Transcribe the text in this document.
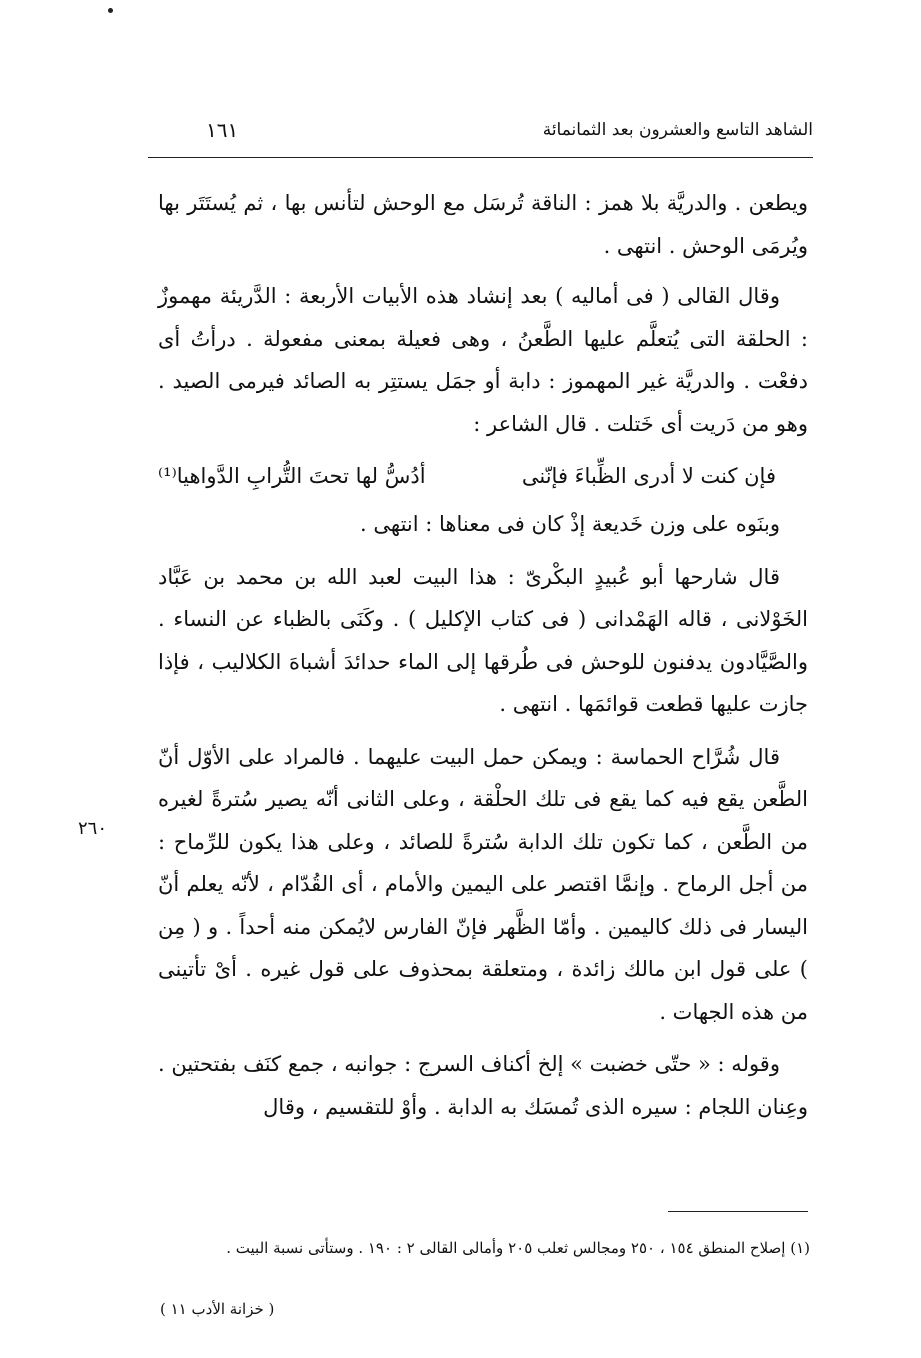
الشاهد التاسع والعشرون بعد الثمانمائة
١٦١

ويطعن . والدريَّة بلا همز : الناقة تُرسَل مع الوحش لتأنس بها ، ثم يُستَتَر بها ويُرمَى الوحش . انتهى .

وقال القالى ( فى أماليه ) بعد إنشاد هذه الأبيات الأربعة : الدَّريئة مهموزٌ : الحلقة التى يُتعلَّم عليها الطَّعنُ ، وهى فعيلة بمعنى مفعولة . درأتُ أى دفعْت . والدريَّة غير المهموز : دابة أو جمَل يستتِر به الصائد فيرمى الصيد . وهو من دَريت أى خَتلت . قال الشاعر :

فإن كنت لا أدرى الظِّباءَ فإنّنى
أدُسُّ لها تحتَ التُّرابِ الدَّواهيا⁽¹⁾

وبنَوه على وزن خَديعة إذْ كان فى معناها : انتهى .

قال شارحها أبو عُبيدٍ البكْرىّ : هذا البيت لعبد الله بن محمد بن عَبَّاد الخَوْلانى ، قاله الهَمْدانى ( فى كتاب الإكليل ) . وكَنَى بالظباء عن النساء . والصَّيَّادون يدفنون للوحش فى طُرقها إلى الماء حدائدَ أشباهَ الكلاليب ، فإذا جازت عليها قطعت قوائمَها . انتهى .

قال شُرَّاح الحماسة : ويمكن حمل البيت عليهما . فالمراد على الأوّل أنّ الطَّعن يقع فيه كما يقع فى تلك الحلْقة ، وعلى الثانى أنّه يصير سُترةً لغيره من الطَّعن ، كما تكون تلك الدابة سُترةً للصائد ، وعلى هذا يكون للرِّماح : من أجل الرماح . وإنمَّا اقتصر على اليمين والأمام ، أى القُدّام ، لأنّه يعلم أنّ اليسار فى ذلك كاليمين . وأمّا الظَّهر فإنّ الفارس لايُمكن منه أحداً . و ( مِن ) على قول ابن مالك زائدة ، ومتعلقة بمحذوف على قول غيره . أىْ تأتينى من هذه الجهات .

وقوله : « حتّى خضبت » إلخ أكناف السرج : جوانبه ، جمع كنَف بفتحتين . وعِنان اللجام : سيره الذى تُمسَك به الدابة . وأوْ للتقسيم ، وقال

٢٦٠
(١) إصلاح المنطق ١٥٤ ، ٢٥٠ ومجالس ثعلب ٢٠٥ وأمالى القالى ٢ : ١٩٠ . وستأتى نسبة البيت .
( خزانة الأدب ١١ )
